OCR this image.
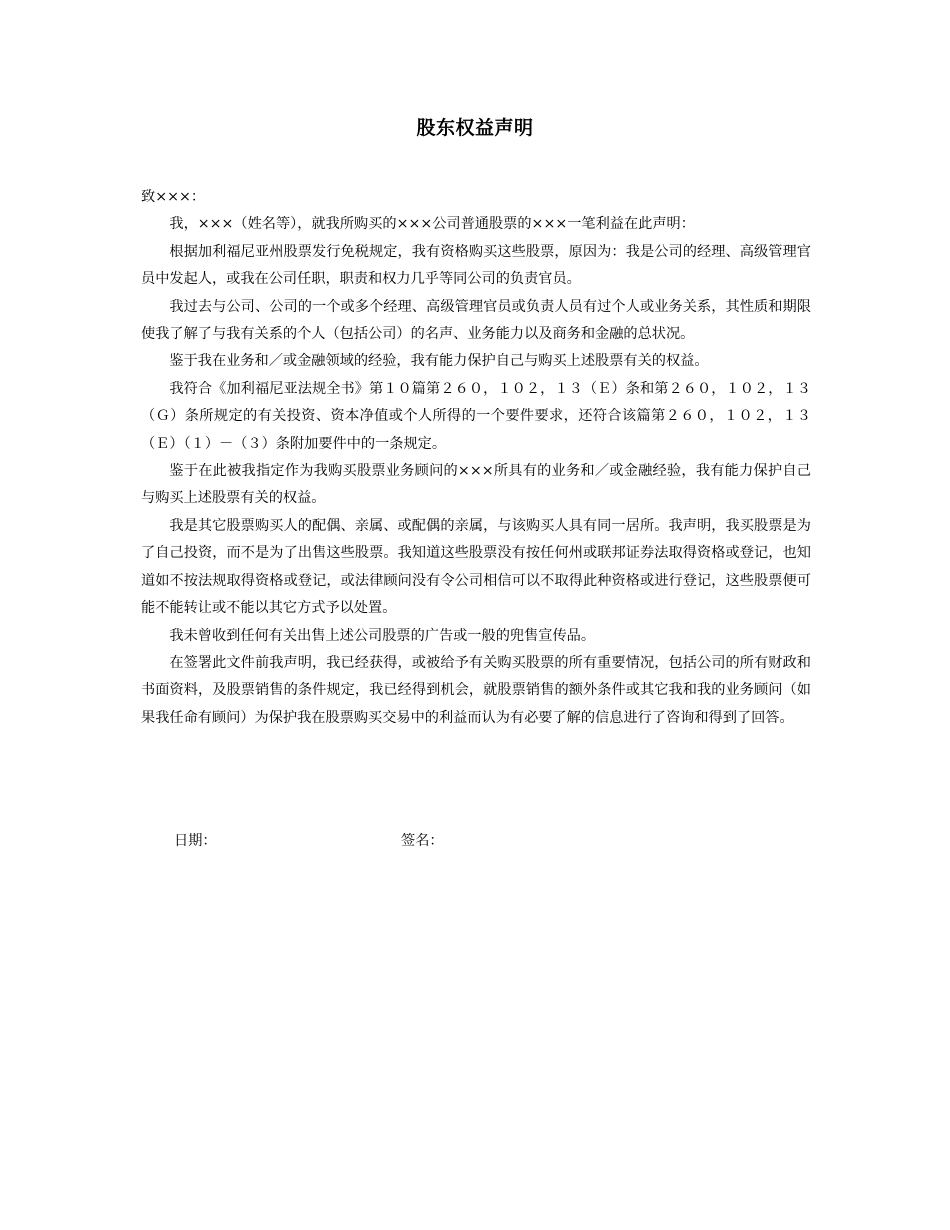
股东权益声明

致×××：

我，×××（姓名等），就我所购买的×××公司普通股票的×××一笔利益在此声明：

根据加利福尼亚州股票发行免税规定，我有资格购买这些股票，原因为：我是公司的经理、高级管理官员中发起人，或我在公司任职，职责和权力几乎等同公司的负责官员。

我过去与公司、公司的一个或多个经理、高级管理官员或负责人员有过个人或业务关系，其性质和期限使我了解了与我有关系的个人（包括公司）的名声、业务能力以及商务和金融的总状况。

鉴于我在业务和／或金融领域的经验，我有能力保护自己与购买上述股票有关的权益。

我符合《加利福尼亚法规全书》第１０篇第２６０，１０２，１３（Ｅ）条和第２６０，１０２，１３（Ｇ）条所规定的有关投资、资本净值或个人所得的一个要件要求，还符合该篇第２６０，１０２，１３（Ｅ）（１）－（３）条附加要件中的一条规定。

鉴于在此被我指定作为我购买股票业务顾问的×××所具有的业务和／或金融经验，我有能力保护自己与购买上述股票有关的权益。

我是其它股票购买人的配偶、亲属、或配偶的亲属，与该购买人具有同一居所。我声明，我买股票是为了自己投资，而不是为了出售这些股票。我知道这些股票没有按任何州或联邦证券法取得资格或登记，也知道如不按法规取得资格或登记，或法律顾问没有令公司相信可以不取得此种资格或进行登记，这些股票便可能不能转让或不能以其它方式予以处置。

我未曾收到任何有关出售上述公司股票的广告或一般的兜售宣传品。

在签署此文件前我声明，我已经获得，或被给予有关购买股票的所有重要情况，包括公司的所有财政和书面资料，及股票销售的条件规定，我已经得到机会，就股票销售的额外条件或其它我和我的业务顾问（如果我任命有顾问）为保护我在股票购买交易中的利益而认为有必要了解的信息进行了咨询和得到了回答。

日期：	签名：
